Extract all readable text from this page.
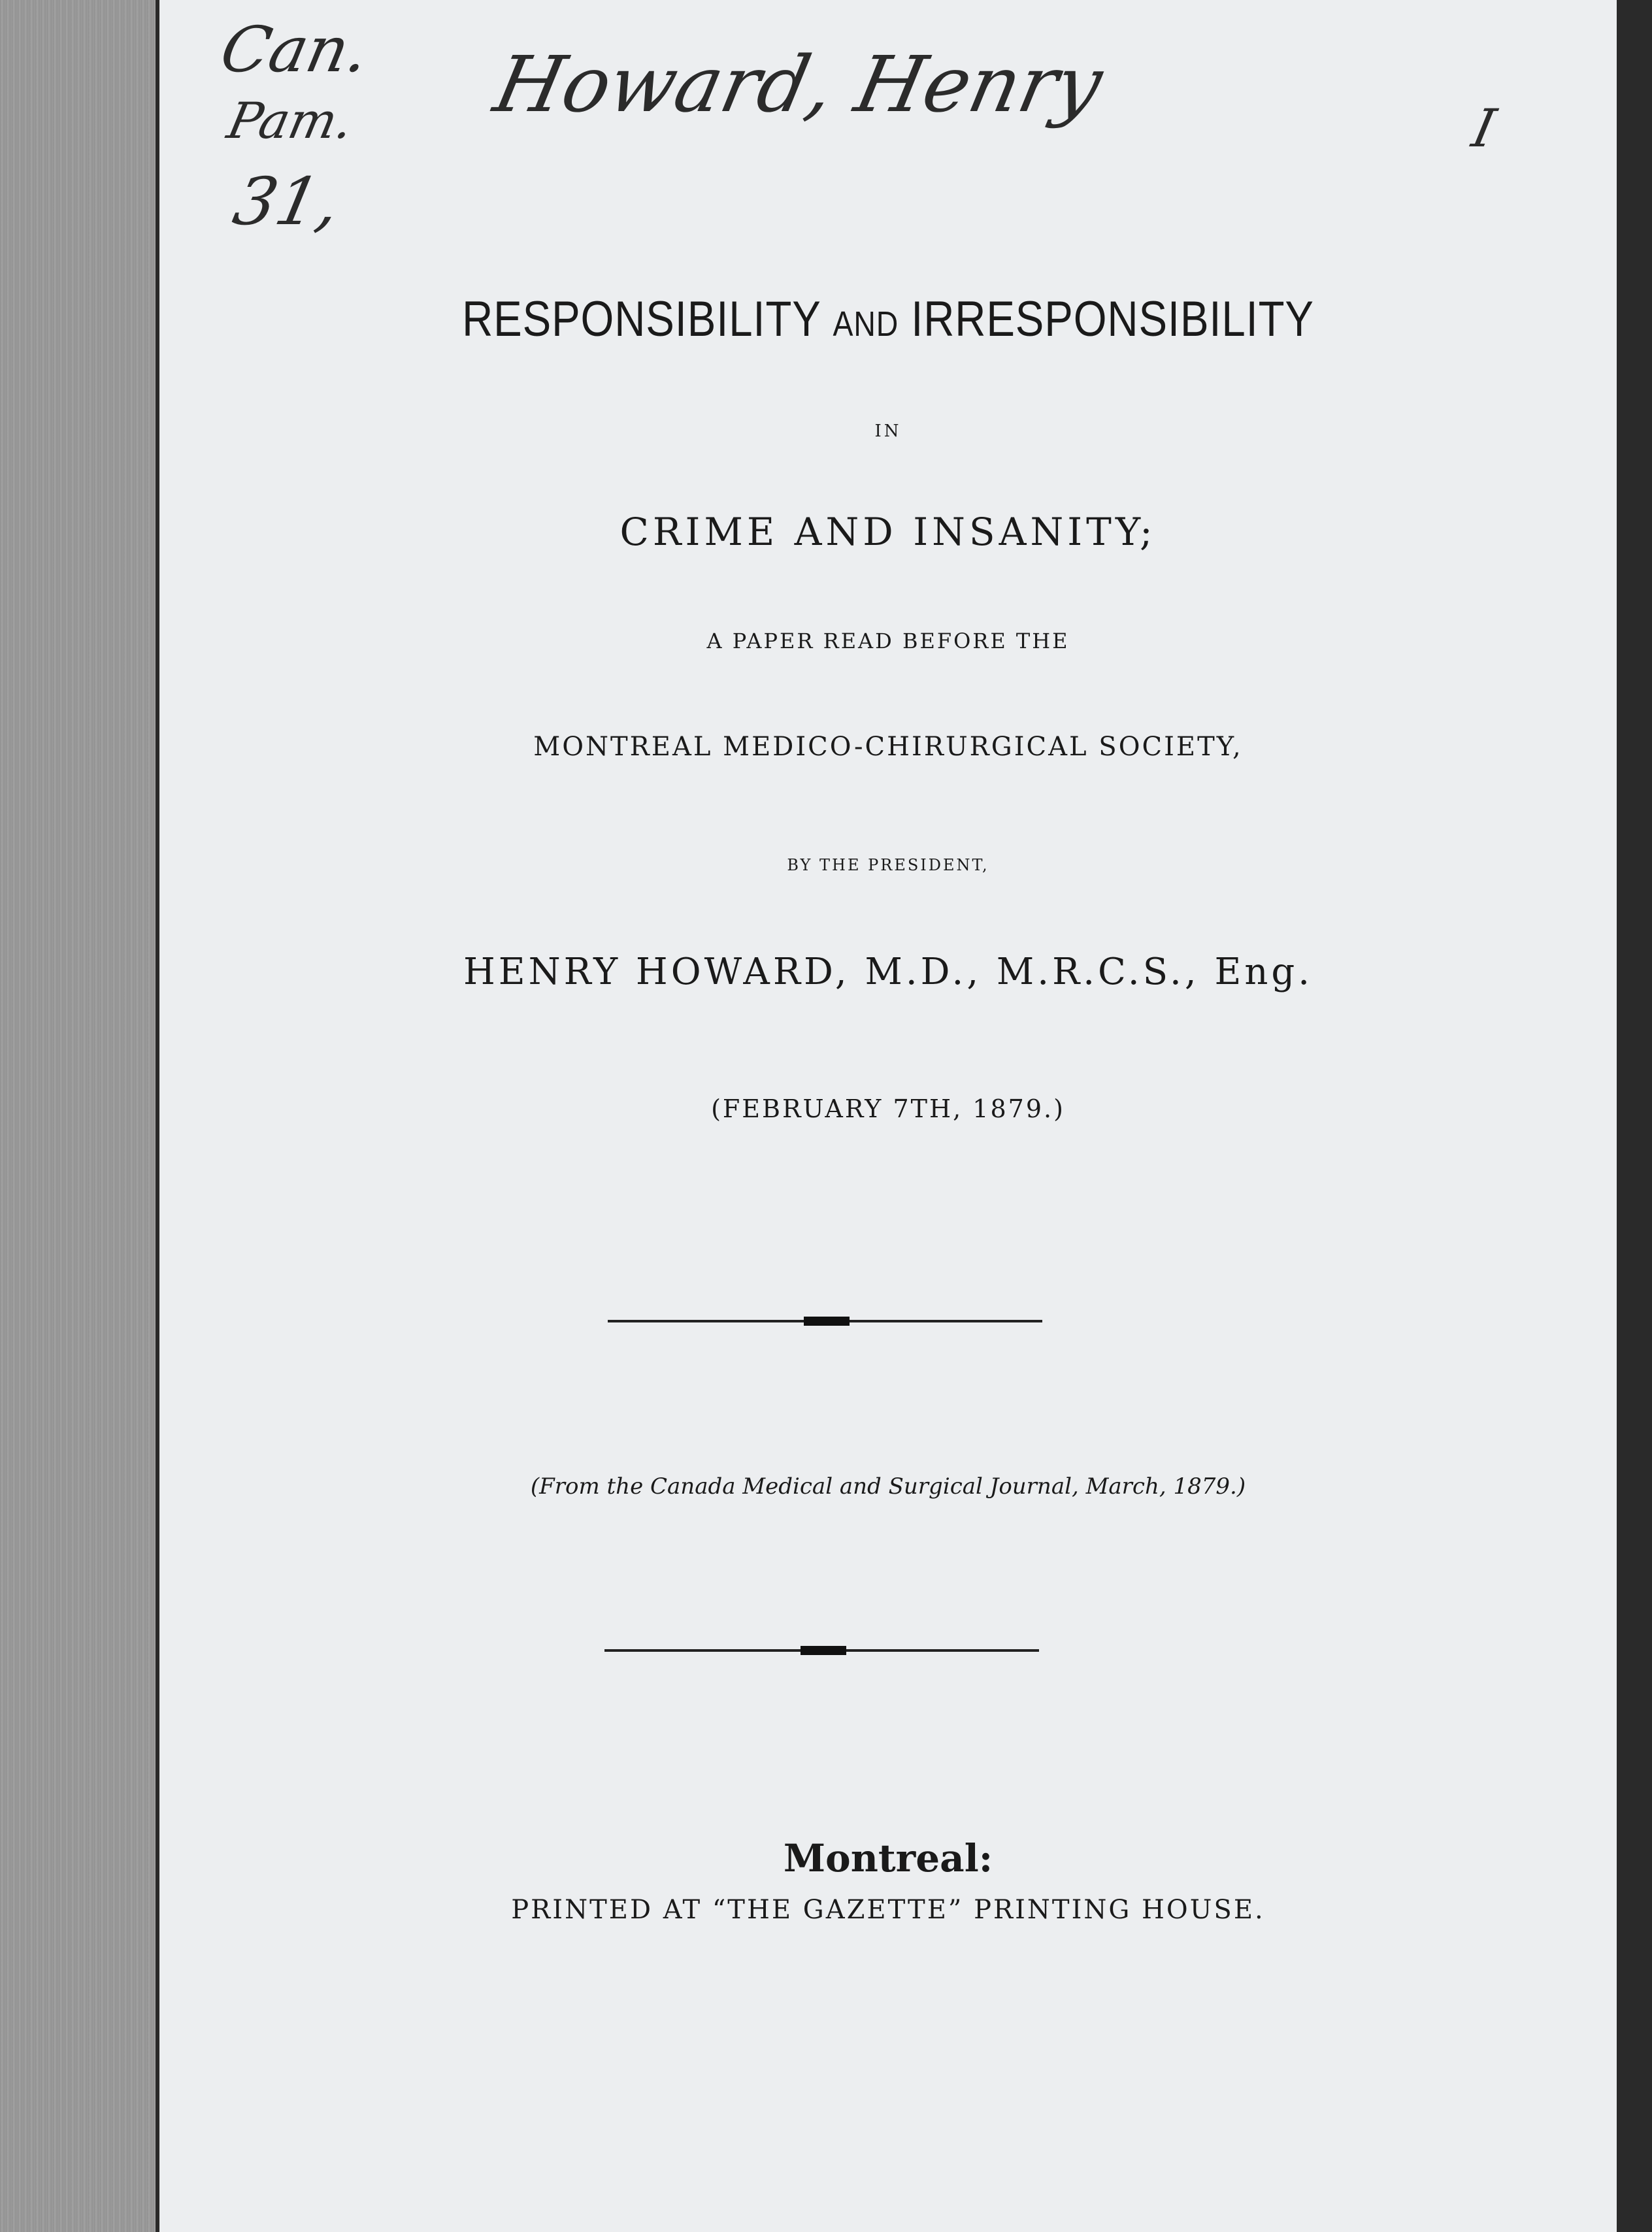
Can.
Pam. Howard, Henry
31,
I
RESPONSIBILITY AND IRRESPONSIBILITY
IN
CRIME AND INSANITY;
A PAPER READ BEFORE THE
MONTREAL MEDICO-CHIRURGICAL SOCIETY,
BY THE PRESIDENT,
HENRY HOWARD, M.D., M.R.C.S., Eng.
(FEBRUARY 7TH, 1879.)
(From the Canada Medical and Surgical Journal, March, 1879.)
Montreal:
PRINTED AT “THE GAZETTE” PRINTING HOUSE.
